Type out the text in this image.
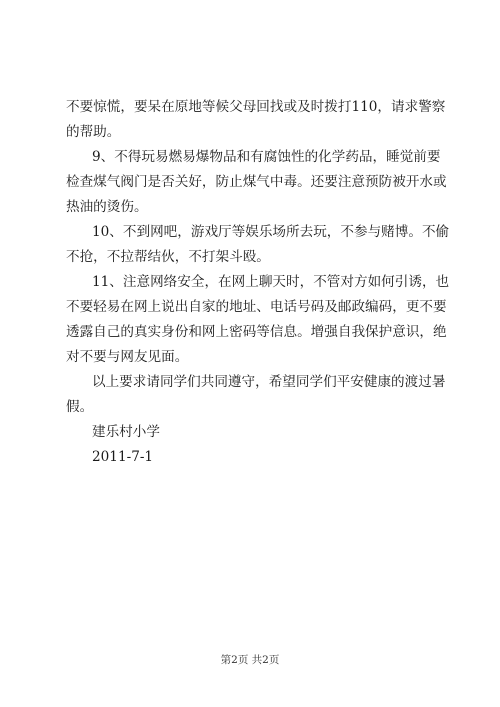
不要惊慌，要呆在原地等候父母回找或及时拨打110，请求警察
的帮助。
9、不得玩易燃易爆物品和有腐蚀性的化学药品，睡觉前要
检查煤气阀门是否关好，防止煤气中毒。还要注意预防被开水或
热油的烫伤。
10、不到网吧，游戏厅等娱乐场所去玩，不参与赌博。不偷
不抢，不拉帮结伙，不打架斗殴。
11、注意网络安全，在网上聊天时，不管对方如何引诱，也
不要轻易在网上说出自家的地址、电话号码及邮政编码，更不要
透露自己的真实身份和网上密码等信息。增强自我保护意识，绝
对不要与网友见面。
以上要求请同学们共同遵守，希望同学们平安健康的渡过暑
假。
建乐村小学
2011-7-1
第2页 共2页
